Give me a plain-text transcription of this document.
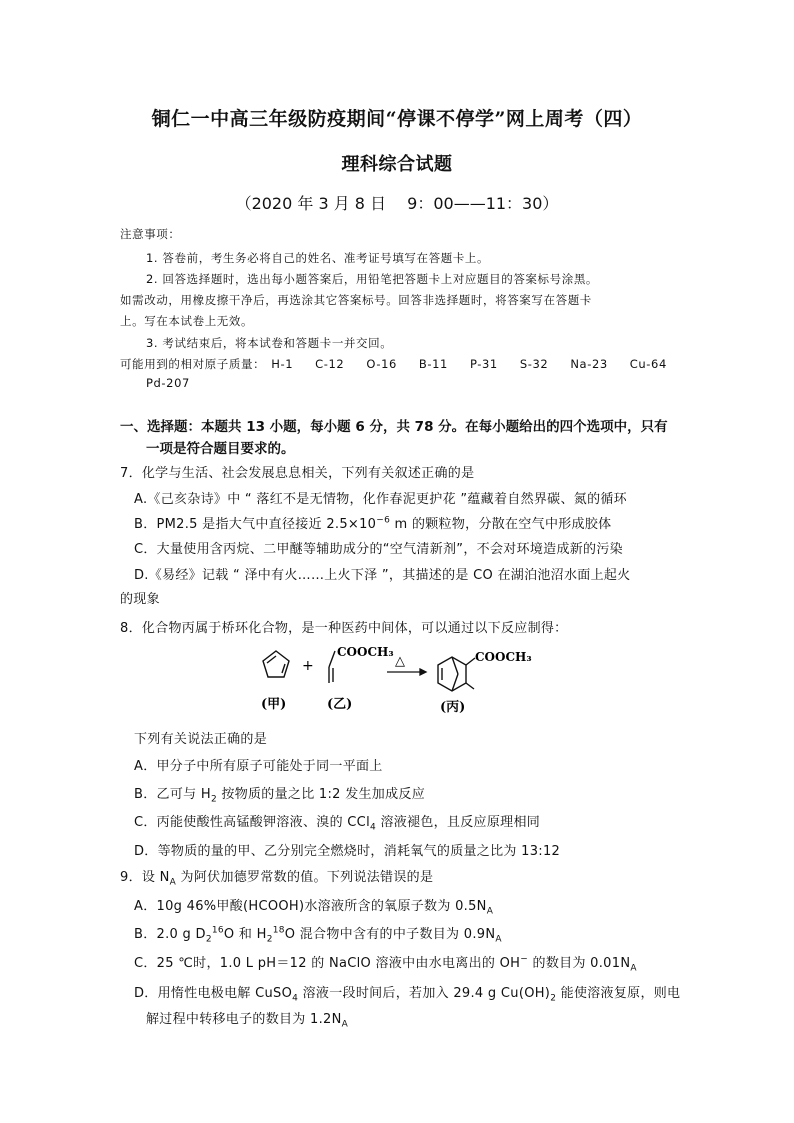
铜仁一中高三年级防疫期间“停课不停学”网上周考（四）
理科综合试题
（2020 年 3 月 8 日　 9：00——11：30）
注意事项：
1. 答卷前，考生务必将自己的姓名、准考证号填写在答题卡上。
2. 回答选择题时，选出每小题答案后，用铅笔把答题卡上对应题目的答案标号涂黑。
如需改动，用橡皮擦干净后，再选涂其它答案标号。回答非选择题时，将答案写在答题卡
上。写在本试卷上无效。
3. 考试结束后，将本试卷和答题卡一并交回。
可能用到的相对原子质量： H-1 C-12 O-16 B-11 P-31 S-32 Na-23 Cu-64
Pd-207
一、选择题：本题共 13 小题，每小题 6 分，共 78 分。在每小题给出的四个选项中，只有
一项是符合题目要求的。
7．化学与生活、社会发展息息相关，下列有关叙述正确的是
A.《己亥杂诗》中 “ 落红不是无情物，化作春泥更护花 ”蕴藏着自然界碳、氮的循环
B．PM2.5 是指大气中直径接近 $2.5\times 10^{-6}$ m 的颗粒物，分散在空气中形成胶体
C．大量使用含丙烷、二甲醚等辅助成分的“空气清新剂”，不会对环境造成新的污染
D.《易经》记载 “ 泽中有火……上火下泽 ”，其描述的是 CO 在湖泊池沼水面上起火
的现象
8．化合物丙属于桥环化合物，是一种医药中间体，可以通过以下反应制得：
+
COOCH₃
△	COOCH₃
(甲)	(乙)	(丙)
下列有关说法正确的是
A．甲分子中所有原子可能处于同一平面上
B．乙可与 $H_2$ 按物质的量之比 1:2 发生加成反应
C．丙能使酸性高锰酸钾溶液、溴的 CCl$_4$ 溶液褪色，且反应原理相同
D．等物质的量的甲、乙分别完全燃烧时，消耗氧气的质量之比为 13:12
9．设 $N_A$ 为阿伏加德罗常数的值。下列说法错误的是
A．10g 46%甲酸(HCOOH)水溶液所含的氧原子数为 $0.5N_A$
B．2.0 g $D_2^{16}O$ 和 $H_2^{18}O$ 混合物中含有的中子数目为 $0.9N_A$
C．25 ℃时，1.0 L pH＝12 的 NaClO 溶液中由水电离出的 OH− 的数目为 $0.01N_A$
D．用惰性电极电解 CuSO$_4$ 溶液一段时间后，若加入 29.4 g $Cu(OH)_2$ 能使溶液复原，则电
解过程中转移电子的数目为 $1.2N_A$
